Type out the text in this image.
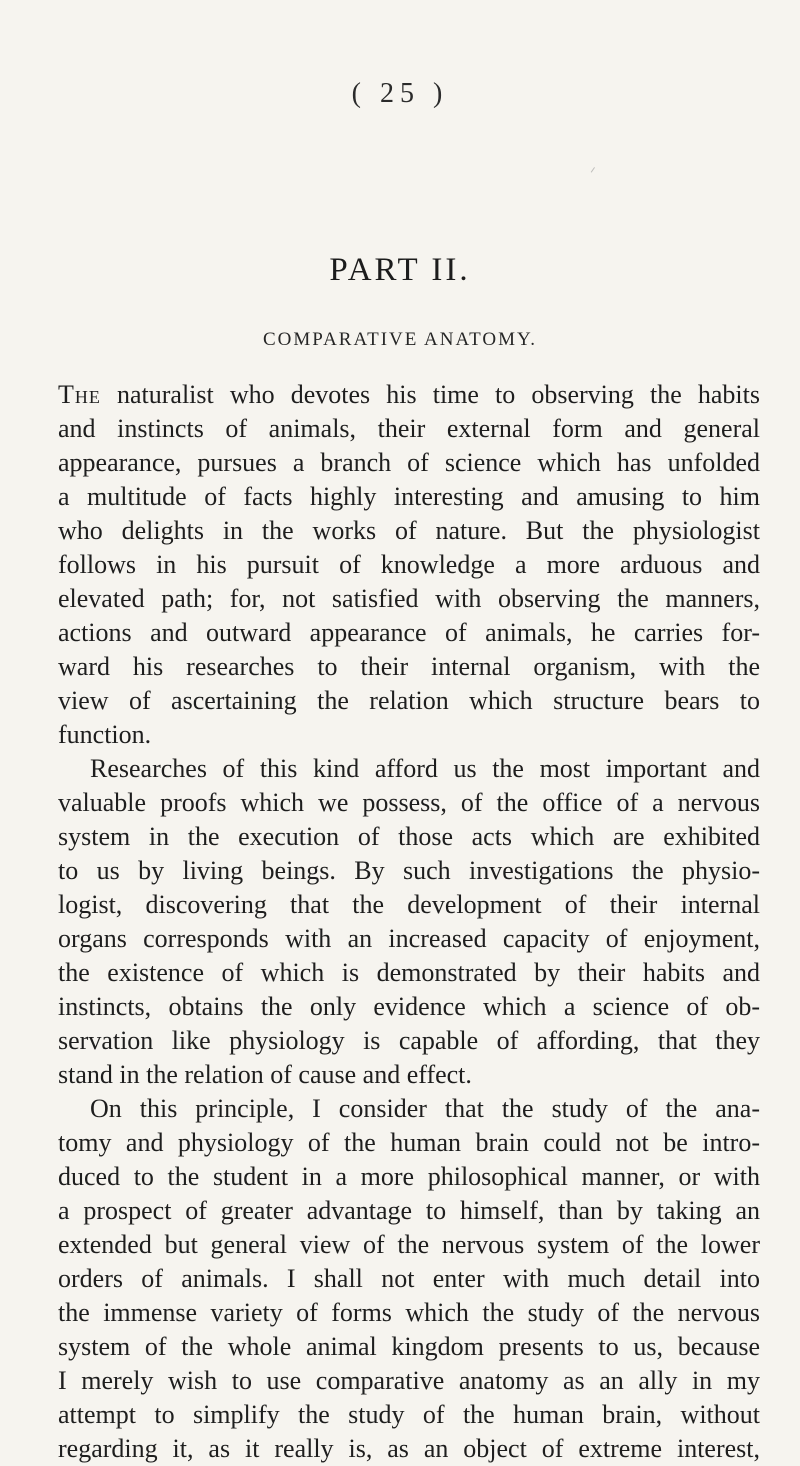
( 25 )
PART II.
COMPARATIVE ANATOMY.
The naturalist who devotes his time to observing the habits
and instincts of animals, their external form and general
appearance, pursues a branch of science which has unfolded
a multitude of facts highly interesting and amusing to him
who delights in the works of nature. But the physiologist
follows in his pursuit of knowledge a more arduous and
elevated path; for, not satisfied with observing the manners,
actions and outward appearance of animals, he carries for-
ward his researches to their internal organism, with the
view of ascertaining the relation which structure bears to
function.
Researches of this kind afford us the most important and
valuable proofs which we possess, of the office of a nervous
system in the execution of those acts which are exhibited
to us by living beings. By such investigations the physio-
logist, discovering that the development of their internal
organs corresponds with an increased capacity of enjoyment,
the existence of which is demonstrated by their habits and
instincts, obtains the only evidence which a science of ob-
servation like physiology is capable of affording, that they
stand in the relation of cause and effect.
On this principle, I consider that the study of the ana-
tomy and physiology of the human brain could not be intro-
duced to the student in a more philosophical manner, or with
a prospect of greater advantage to himself, than by taking an
extended but general view of the nervous system of the lower
orders of animals. I shall not enter with much detail into
the immense variety of forms which the study of the nervous
system of the whole animal kingdom presents to us, because
I merely wish to use comparative anatomy as an ally in my
attempt to simplify the study of the human brain, without
regarding it, as it really is, as an object of extreme interest,
